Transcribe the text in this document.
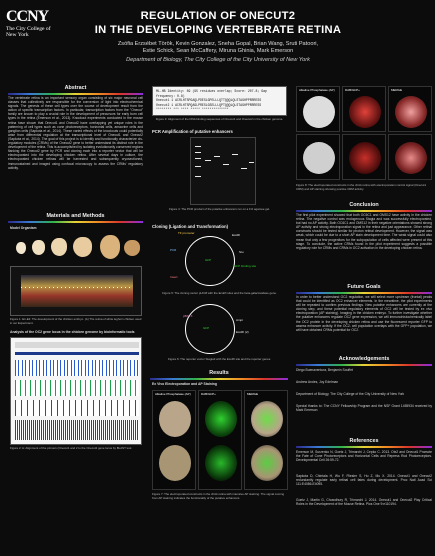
CCNY
The City College of New York
REGULATION OF ONECUT2
IN THE DEVELOPING VERTEBRATE RETINA
Zsófia Erzsébet Török, Kevin Gonzalez, Sneha Gopal, Brian Wang, Sruti Patoori,
Estie Schick, Sean McCaffery, Miruna Ghinia, Mark Emerson
Department of Biology, The City College of the City University of New York
Abstract
The vertebrate retina is an important sensory organ consisting of six major neuronal cell classes that collectively are responsible for the conversion of light into electrochemical signals. The genesis of these cell types over the course of development result from the action of specific transcription factors. In particular, transcription factors from the "Onecut" family are known to play a crucial role in the development of precursors for early born cell types in the retina (Emerson et al., 2013). Knockout experiments conducted in the mouse retina have shown that Onecut1 and Onecut2 have overlapping yet unique roles in the patterning of cell types such as cone photoreceptors, horizontal cells, amacrine cells and ganglion cells (Sapkota et al., 2014). These varied effects of the knockouts could potentially arise from differential regulation at the transcriptional level of Onecut1 and Onecut2 (Sapkota et al., 2014). The goal of this project is to identify and functionally characterize cis-regulatory modules (CRMs) of the Onecut2 gene to better understand its distinct role in the development of the retina. This is accomplished by isolating evolutionarily conserved regions flanking the Onecut2 gene by PCR and cloning each into a reporter vector that will be electroporated into the developing chicken retina. After several days in culture, the electroporated chicken retinas will be harvested and subsequently cryosectioned, immunostained and imaged using confocal microscopy to assess the CRMs' regulatory activity.
Materials and Methods
Model Organism
Figure 1: E1-E4: The development of the chicken embryo. (A) The retina of white leghorn chicken used in our Experiment.
Analysis of the OC2 gene locus in the chicken genome by bioinformatic tools
Figure 2: A: Alignment of the primers (Onecut1 and 2 to the Onecut2 gene locus by BLAST tool.
ML-HB Identity: 89 (95 residues overlap; Score: 207.8; Gap frequency: 0.8)
Onecut1 1 ACRLHTSPGAQLPDESLGPELLLQTTQQQLQLSTAGHPPRRRESS
Onecut2 1 ACRLHTSPQAGLPRESLGSELLLQPTQQQLQLSTAGHPPRRRESS
******** *** **** ***** **************
Figure 3: Alignment of the DNA binding sequences of Onecut1 and Onecut2 in the chicken genome.
PCR Amplification of putative enhancers
Figure 4: The PCR product of the putative enhancers run on a 1% agarose gel.
Cloning (Ligation and Transformation)
TF promoter	EcoRI
PCR	Stu
GFP
GFP binding site
Insert
Figure 5: The cloning vector pUCM with the EcoRI sites and the beta-galactosidase gene.
pBXTX
Ampr
GFP
EcoRI (2)
Figure 6: The reporter vector Stagia3 with the EcoRI site and the reporter genes.
Results
Ex Vivo Electroporation and AP Staining
Alkaline Phosphatase (AP)	DAB/GFP+	MERGE
Figure 7: The electroporated constructs in the chick retina with intensive AP staining. The signal coming from AP staining indicates the functionality of the putative enhancers.
Alkaline Phosphatase (AP)	DAB/GFP+	MERGE
Figure 8: The electroporated constructs in the chick retina with electroporation control signal (Onecut1 CRM) and AP staining showing positive CRM activity.
Conclusion
The first pilot experiment showed that both OC6C1 and OMS12 have activity in the chicken retina. The negative control was endogenous Stagia and was successfully electroporated, but had no AP activity. Both OC6C1 and OMS12 in their negative orientations showed strong AP activity and strong electroporation signal in the retina and just appearance. Other retinal constructs should be tested similar for photon retinal development. However, the signal was weak, which could be due to a short AP stain development time. The weak signal could also mean that only a few progenitors for the subpopulation of cells affected were present at this stage. To conclude, the active CRMs found in the pilot experiment suggests a possible regulatory role for CRMs and CRMs in OC2 activation in the developing chicken retina.
Future Goals
In order to better understand OC2 regulation, we will select more upstream (frontal) peaks that could be identified as OC2 enhancer elements. In the meantime, the pilot experiments will be repeated to confirm previous findings. New putative enhancers are currently at the cloning step, and these potential regulatory elements of OC2 will be tested by ex vivo electroporation (AP staining). Imaging in the chicken embryo. To further investigate whether the putative enhancers regulate OC2 gene expression, we will immunohistochemically label the OC2 protein in the developing chicken retina and use the fluorescent reporter GFP to assess enhancer activity. If the OC2- cell population overlaps with the GFP+ population, we will have obtained CRMs potential for OC2.
Acknowledgements
Diego Buenaventura, Benjamin Souffet
Andrew Aroles, Joy Edelman
Department of Biology, The City College of the City University of New York
Special thanks to: The CCNY Fellowship Program and the NSF Grant 1455934 received by Mark Emerson
References
Emerson M, Surzenko N, Goetz J, Trimarchi J, Cepko C. 2013. Otx2 and Onecut1 Promote the Fate of Cone Photoreceptors and Horizontal Cells and Repress Rod Photoreceptors. Developmental Cell 26:59-72.
Sapkota D, Chintala H, Wu F, Fliesler S, Hu Z, Mu X. 2014. Onecut1 and Onecut2 redundantly regulate early retinal cell fates during development. Proc Natl Acad Sci 111:E4086-E4095.
Goetz J, Martin G, Chowdhury R, Trimarchi J. 2014. Onecut1 and Onecut2 Play Critical Roles in the Development of the Mouse Retina. Plos One 9:e110194.
